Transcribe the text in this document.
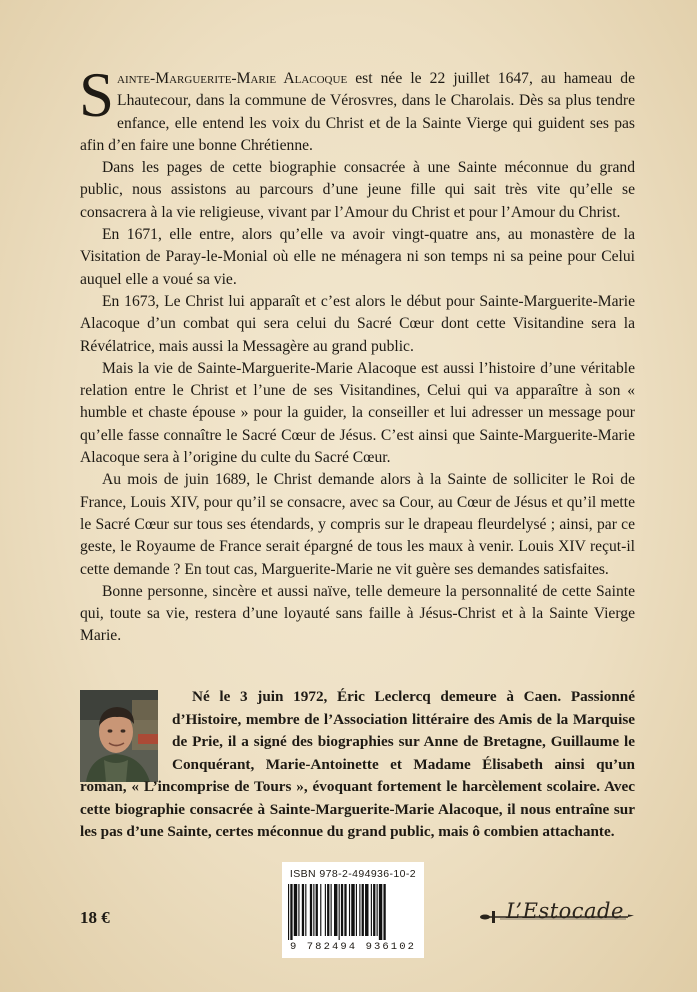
Sainte-Marguerite-Marie Alacoque est née le 22 juillet 1647, au hameau de Lhautecour, dans la commune de Vérosvres, dans le Charolais. Dès sa plus tendre enfance, elle entend les voix du Christ et de la Sainte Vierge qui guident ses pas afin d’en faire une bonne Chrétienne.

Dans les pages de cette biographie consacrée à une Sainte méconnue du grand public, nous assistons au parcours d’une jeune fille qui sait très vite qu’elle se consacrera à la vie religieuse, vivant par l’Amour du Christ et pour l’Amour du Christ.

En 1671, elle entre, alors qu’elle va avoir vingt-quatre ans, au monastère de la Visitation de Paray-le-Monial où elle ne ménagera ni son temps ni sa peine pour Celui auquel elle a voué sa vie.

En 1673, Le Christ lui apparaît et c’est alors le début pour Sainte-Marguerite-Marie Alacoque d’un combat qui sera celui du Sacré Cœur dont cette Visitandine sera la Révélatrice, mais aussi la Messagère au grand public.

Mais la vie de Sainte-Marguerite-Marie Alacoque est aussi l’histoire d’une véritable relation entre le Christ et l’une de ses Visitandines, Celui qui va apparaître à son « humble et chaste épouse » pour la guider, la conseiller et lui adresser un message pour qu’elle fasse connaître le Sacré Cœur de Jésus. C’est ainsi que Sainte-Marguerite-Marie Alacoque sera à l’origine du culte du Sacré Cœur.

Au mois de juin 1689, le Christ demande alors à la Sainte de solliciter le Roi de France, Louis XIV, pour qu’il se consacre, avec sa Cour, au Cœur de Jésus et qu’il mette le Sacré Cœur sur tous ses étendards, y compris sur le drapeau fleurdelysé ; ainsi, par ce geste, le Royaume de France serait épargné de tous les maux à venir. Louis XIV reçut-il cette demande ? En tout cas, Marguerite-Marie ne vit guère ses demandes satisfaites.

Bonne personne, sincère et aussi naïve, telle demeure la personnalité de cette Sainte qui, toute sa vie, restera d’une loyauté sans faille à Jésus-Christ et à la Sainte Vierge Marie.

Né le 3 juin 1972, Éric Leclercq demeure à Caen. Passionné d’Histoire, membre de l’Association littéraire des Amis de la Marquise de Prie, il a signé des biographies sur Anne de Bretagne, Guillaume le Conquérant, Marie-Antoinette et Madame Élisabeth ainsi qu’un roman, « L’incomprise de Tours », évoquant fortement le harcèlement scolaire. Avec cette biographie consacrée à Sainte-Marguerite-Marie Alacoque, il nous entraîne sur les pas d’une Sainte, certes méconnue du grand public, mais ô combien attachante.
18 €
ISBN 978-2-494936-10-2
9 782494 936102
L’Estocade
